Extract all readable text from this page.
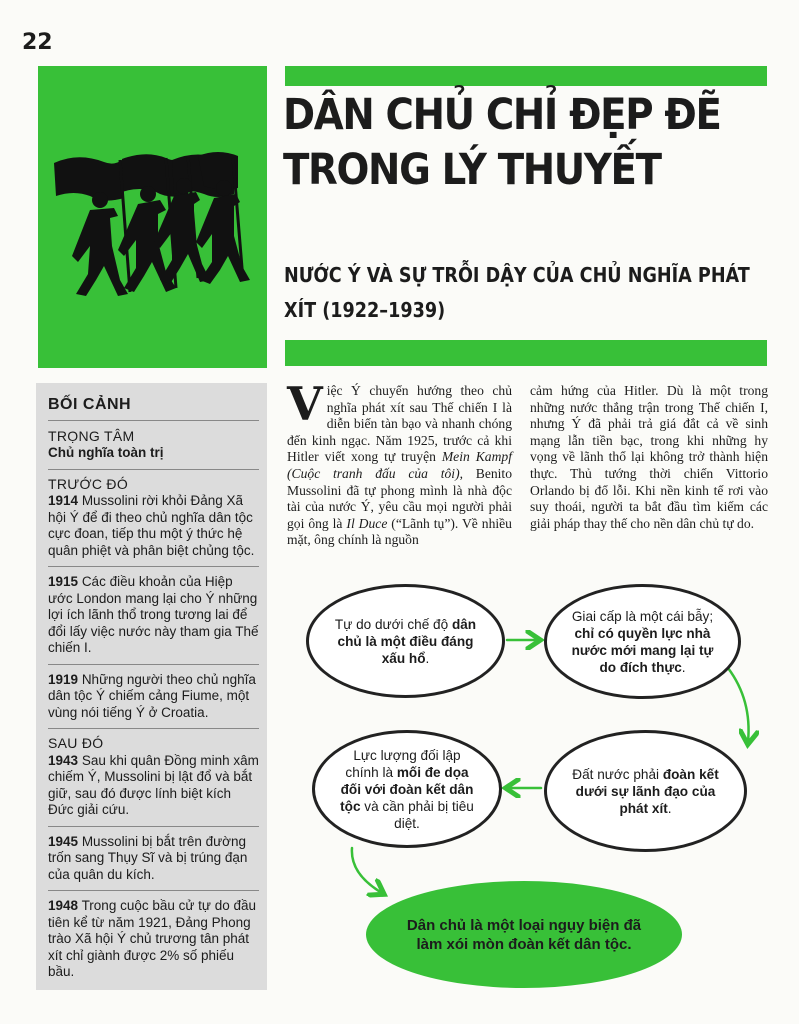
22
DÂN CHỦ CHỈ ĐẸP ĐẼ TRONG LÝ THUYẾT
NƯỚC Ý VÀ SỰ TRỖI DẬY CỦA CHỦ NGHĨA PHÁT XÍT (1922–1939)
BỐI CẢNH
TRỌNG TÂM
Chủ nghĩa toàn trị
TRƯỚC ĐÓ
1914 Mussolini rời khỏi Đảng Xã hội Ý để đi theo chủ nghĩa dân tộc cực đoan, tiếp thu một ý thức hệ quân phiệt và phân biệt chủng tộc.
1915 Các điều khoản của Hiệp ước London mang lại cho Ý những lợi ích lãnh thổ trong tương lai để đổi lấy việc nước này tham gia Thế chiến I.
1919 Những người theo chủ nghĩa dân tộc Ý chiếm cảng Fiume, một vùng nói tiếng Ý ở Croatia.
SAU ĐÓ
1943 Sau khi quân Đồng minh xâm chiếm Ý, Mussolini bị lật đổ và bắt giữ, sau đó được lính biệt kích Đức giải cứu.
1945 Mussolini bị bắt trên đường trốn sang Thụy Sĩ và bị trúng đạn của quân du kích.
1948 Trong cuộc bầu cử tự do đầu tiên kể từ năm 1921, Đảng Phong trào Xã hội Ý chủ trương tân phát xít chỉ giành được 2% số phiếu bầu.

Việc Ý chuyển hướng theo chủ nghĩa phát xít sau Thế chiến I là diễn biến tàn bạo và nhanh chóng đến kinh ngạc. Năm 1925, trước cả khi Hitler viết xong tự truyện Mein Kampf (Cuộc tranh đấu của tôi), Benito Mussolini đã tự phong mình là nhà độc tài của nước Ý, yêu cầu mọi người phải gọi ông là Il Duce (“Lãnh tụ”). Về nhiều mặt, ông chính là nguồn

cảm hứng của Hitler. Dù là một trong những nước thắng trận trong Thế chiến I, nhưng Ý đã phải trả giá đắt cả về sinh mạng lẫn tiền bạc, trong khi những hy vọng về lãnh thổ lại không trở thành hiện thực. Thủ tướng thời chiến Vittorio Orlando bị đổ lỗi. Khi nền kinh tế rơi vào suy thoái, người ta bắt đầu tìm kiếm các giải pháp thay thế cho nền dân chủ tự do.

Tự do dưới chế độ dân chủ là một điều đáng xấu hổ.
Giai cấp là một cái bẫy; chỉ có quyền lực nhà nước mới mang lại tự do đích thực.
Lực lượng đối lập chính là mối đe dọa đối với đoàn kết dân tộc và cần phải bị tiêu diệt.
Đất nước phải đoàn kết dưới sự lãnh đạo của phát xít.
Dân chủ là một loại ngụy biện đã làm xói mòn đoàn kết dân tộc.
